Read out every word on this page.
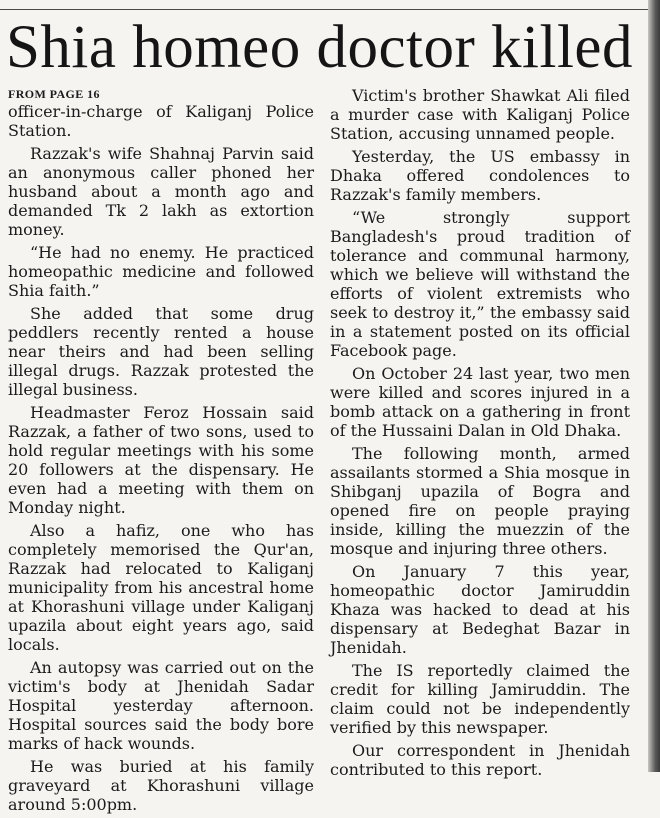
Shia homeo doctor killed
FROM PAGE 16

officer-in-charge of Kaliganj Police Station.

Razzak's wife Shahnaj Parvin said an anonymous caller phoned her husband about a month ago and demanded Tk 2 lakh as extortion money.

“He had no enemy. He practiced homeopathic medicine and followed Shia faith.”

She added that some drug peddlers recently rented a house near theirs and had been selling illegal drugs. Razzak protested the illegal business.

Headmaster Feroz Hossain said Razzak, a father of two sons, used to hold regular meetings with his some 20 followers at the dispensary. He even had a meeting with them on Monday night.

Also a hafiz, one who has completely memorised the Qur'an, Razzak had relocated to Kaliganj municipality from his ancestral home at Khorashuni village under Kaliganj upazila about eight years ago, said locals.

An autopsy was carried out on the victim's body at Jhenidah Sadar Hospital yesterday afternoon. Hospital sources said the body bore marks of hack wounds.

He was buried at his family graveyard at Khorashuni village around 5:00pm.

Victim's brother Shawkat Ali filed a murder case with Kaliganj Police Station, accusing unnamed people.

Yesterday, the US embassy in Dhaka offered condolences to Razzak's family members.

“We strongly support Bangladesh's proud tradition of tolerance and communal harmony, which we believe will withstand the efforts of violent extremists who seek to destroy it,” the embassy said in a statement posted on its official Facebook page.

On October 24 last year, two men were killed and scores injured in a bomb attack on a gathering in front of the Hussaini Dalan in Old Dhaka.

The following month, armed assailants stormed a Shia mosque in Shibganj upazila of Bogra and opened fire on people praying inside, killing the muezzin of the mosque and injuring three others.

On January 7 this year, homeopathic doctor Jamiruddin Khaza was hacked to dead at his dispensary at Bedeghat Bazar in Jhenidah.

The IS reportedly claimed the credit for killing Jamiruddin. The claim could not be independently verified by this newspaper.

Our correspondent in Jhenidah contributed to this report.
